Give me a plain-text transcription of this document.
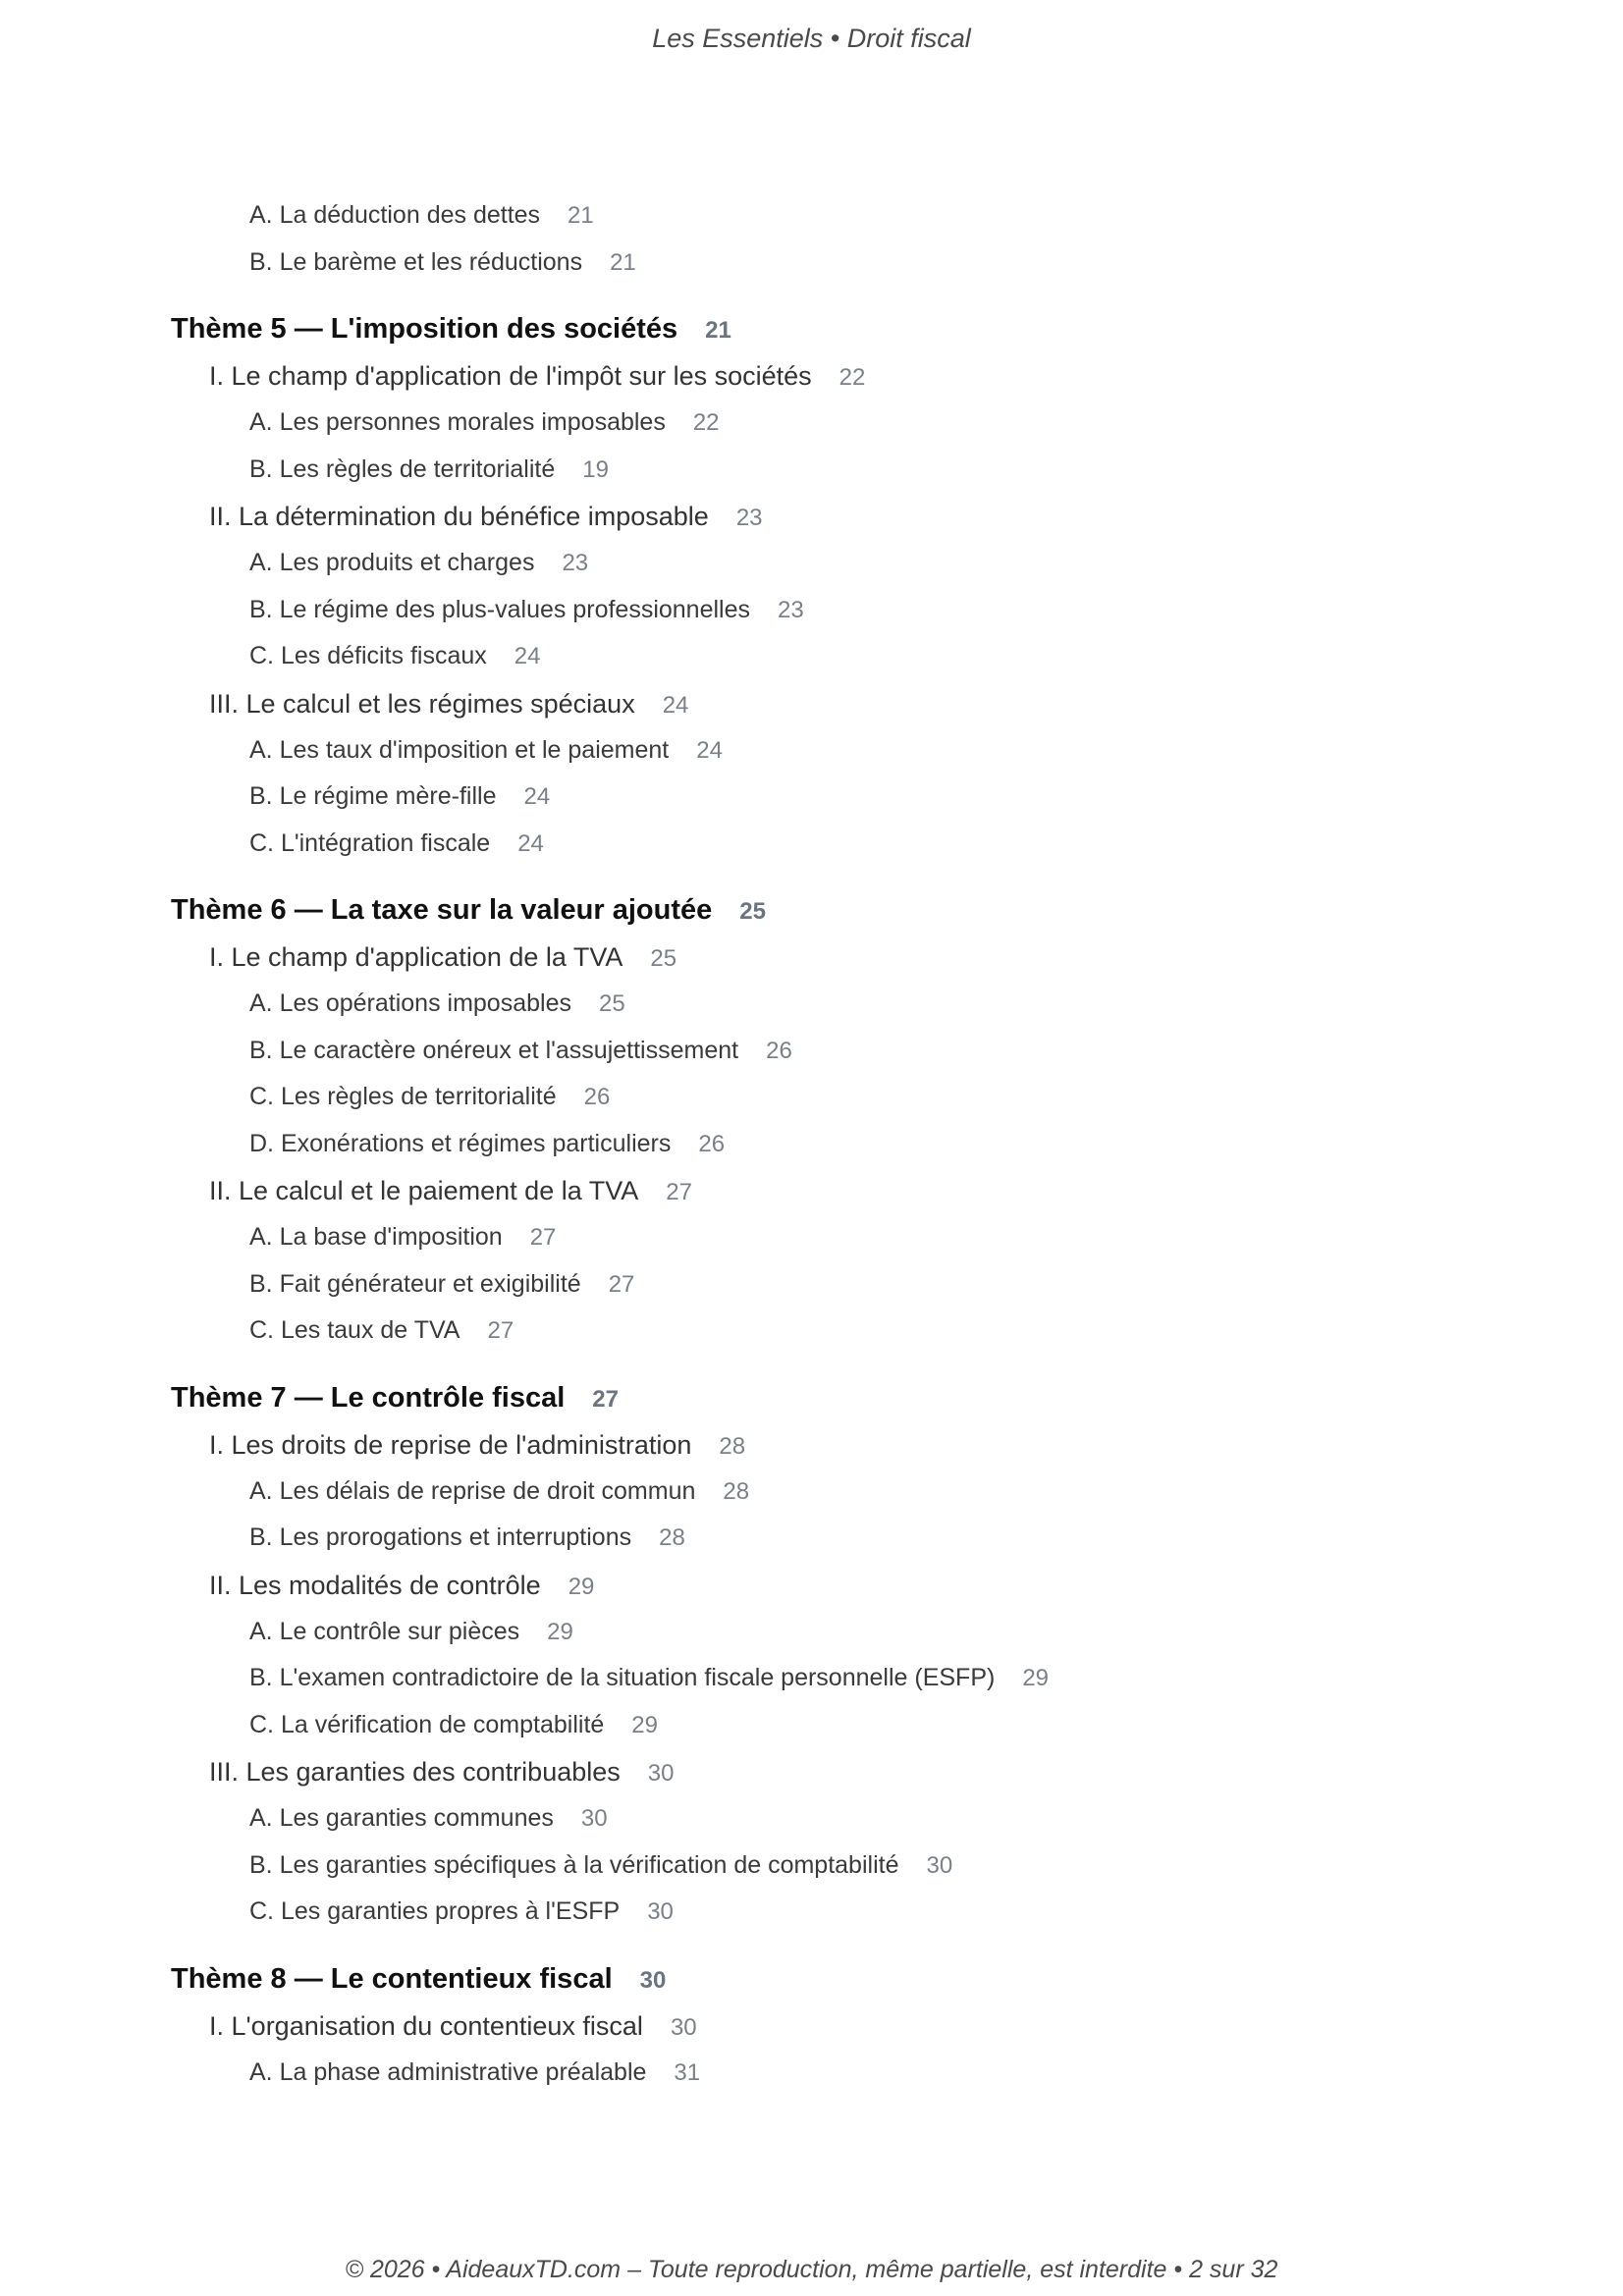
Les Essentiels • Droit fiscal
A. La déduction des dettes 21
B. Le barème et les réductions 21
Thème 5 — L'imposition des sociétés 21
I. Le champ d'application de l'impôt sur les sociétés 22
A. Les personnes morales imposables 22
B. Les règles de territorialité 19
II. La détermination du bénéfice imposable 23
A. Les produits et charges 23
B. Le régime des plus-values professionnelles 23
C. Les déficits fiscaux 24
III. Le calcul et les régimes spéciaux 24
A. Les taux d'imposition et le paiement 24
B. Le régime mère-fille 24
C. L'intégration fiscale 24
Thème 6 — La taxe sur la valeur ajoutée 25
I. Le champ d'application de la TVA 25
A. Les opérations imposables 25
B. Le caractère onéreux et l'assujettissement 26
C. Les règles de territorialité 26
D. Exonérations et régimes particuliers 26
II. Le calcul et le paiement de la TVA 27
A. La base d'imposition 27
B. Fait générateur et exigibilité 27
C. Les taux de TVA 27
Thème 7 — Le contrôle fiscal 27
I. Les droits de reprise de l'administration 28
A. Les délais de reprise de droit commun 28
B. Les prorogations et interruptions 28
II. Les modalités de contrôle 29
A. Le contrôle sur pièces 29
B. L'examen contradictoire de la situation fiscale personnelle (ESFP) 29
C. La vérification de comptabilité 29
III. Les garanties des contribuables 30
A. Les garanties communes 30
B. Les garanties spécifiques à la vérification de comptabilité 30
C. Les garanties propres à l'ESFP 30
Thème 8 — Le contentieux fiscal 30
I. L'organisation du contentieux fiscal 30
A. La phase administrative préalable 31
© 2026 • AideauxTD.com – Toute reproduction, même partielle, est interdite • 2 sur 32
